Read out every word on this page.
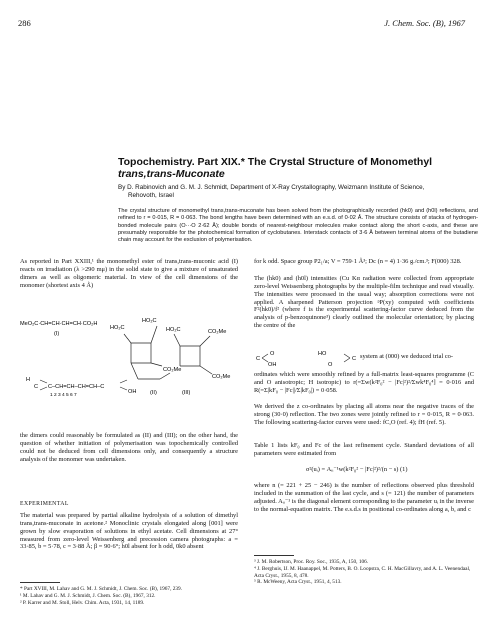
286	J. Chem. Soc. (B), 1967
Topochemistry. Part XIX.* The Crystal Structure of Monomethyl
trans,trans-Muconate
By D. Rabinovich and G. M. J. Schmidt, Department of X-Ray Crystallography, Weizmann Institute of Science,
Rehovoth, Israel
The crystal structure of monomethyl trans,trans-muconate has been solved from the photographically recorded (hk0) and (h0l) reflections, and refined to r = 0·015, R = 0·063. The bond lengths have been determined with an e.s.d. of 0·02 Å. The structure consists of stacks of hydrogen-bonded molecule pairs (O···O 2·62 Å); double bonds of nearest-neighbour molecules make contact along the short c-axis, and these are presumably responsible for the photochemical formation of cyclobutanes. Interstack contacts of 3·6 Å between terminal atoms of the butadiene chain may account for the exclusion of polymerisation.
As reported in Part XXIII,¹ the monomethyl ester of trans,trans-muconic acid (I) reacts on irradiation (λ >290 mμ) in the solid state to give a mixture of unsaturated dimers as well as oligomeric material. In view of the cell dimensions of the monomer (shortest axis 4 Å)
MeO₂C·CH=CH·CH=CH·CO₂H
(I)
HO₂C
HO₂C
CO₂Me
HO₂C	CO₂Me
CO₂Me
(II)	(III)
H
C C–CH=CH–CH=CH–C
OH
1 2 3 4 5 6 7
the dimers could reasonably be formulated as (II) and (III); on the other hand, the question of whether initiation of polymerisation was topochemically controlled could not be deduced from cell dimensions only, and consequently a structure analysis of the monomer was undertaken.
EXPERIMENTAL
The material was prepared by partial alkaline hydrolysis of a solution of dimethyl trans,trans-muconate in acetone.² Monoclinic crystals elongated along [001] were grown by slow evaporation of solutions in ethyl acetate. Cell dimensions at 27° measured from zero-level Weissenberg and precession camera photographs: a = 33·85, b = 5·78, c = 3·88 Å; β = 90·6°; h0l absent for h odd, 0k0 absent
* Part XVIII, M. Lahav and G. M. J. Schmidt, J. Chem. Soc. (B), 1967, 239.
¹ M. Lahav and G. M. J. Schmidt, J. Chem. Soc. (B), 1967, 312.
² P. Karrer and M. Stoll, Helv. Chim. Acta, 1931, 14, 1189.
for k odd. Space group P2₁/a; V = 759·1 Å³; Dc (n = 4) 1·36 g./cm.³; F(000) 328.
The (hk0) and (h0l) intensities (Cu Kα radiation were collected from appropriate zero-level Weissenberg photographs by the multiple-film technique and read visually. The intensities were processed in the usual way; absorption corrections were not applied. A sharpened Patterson projection ᵖP(xy) computed with coefficients F²(hk0)/f² (where f is the experimental scattering-factor curve deduced from the analysis of p-benzoquinone³) clearly outlined the molecular orientation; by placing the centre of the
C
O	HO
OH	O
C system at (000) we deduced trial co-
ordinates which were smoothly refined by a full-matrix least-squares programme (C and O anisotropic; H isotropic) to r(=Σw(k²F₀² − |Fc|²)²/Σwk⁴F₀⁴] = 0·016 and R(=Σ|kF₀ − |Fc||/Σ|kF₀|) = 0·058.
We derived the z co-ordinates by placing all atoms near the negative traces of the strong (30·0) reflection. The two zones were jointly refined to r = 0·015, R = 0·063. The following scattering-factor curves were used: fC,O (ref. 4); fH (ref. 5).
Table 1 lists kF₀ and Fc of the last refinement cycle. Standard deviations of all parameters were estimated from
σ²(uᵢ) = Aᵢᵢ⁻¹w(k²F₀² − |Fc|²)²/(n − s) (1)
where n (= 221 + 25 − 246) is the number of reflections observed plus threshold included in the summation of the last cycle, and s (= 121) the number of parameters adjusted. Aᵢᵢ⁻¹ is the diagonal element corresponding to the parameter uᵢ in the inverse to the normal-equation matrix. The e.s.d.s in positional co-ordinates along a, b, and c
³ J. M. Robertson, Proc. Roy. Soc., 1935, A, 150, 106.
⁴ J. Berghuis, IJ. M. Haanappel, M. Potters, B. O. Loopstra, C. H. MacGillavry, and A. L. Veenendaal, Acta Cryst., 1955, 8, 478.
⁵ R. McWeeny, Acta Cryst., 1951, 4, 513.
